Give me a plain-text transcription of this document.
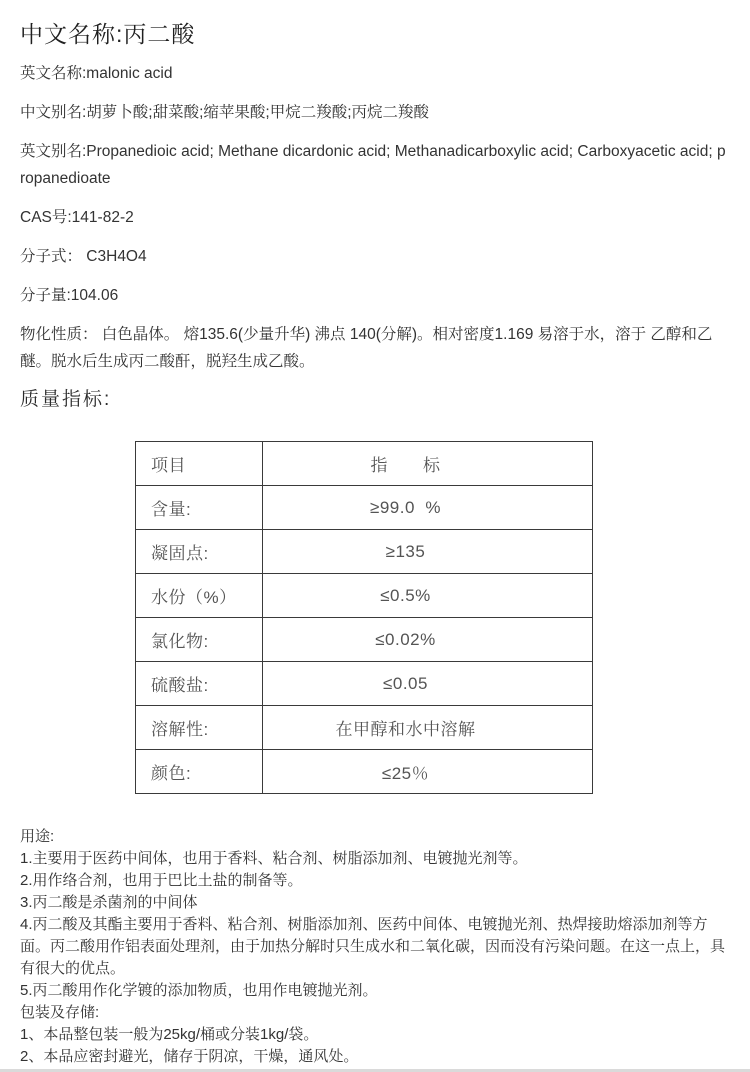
中文名称:丙二酸

英文名称:malonic acid

中文别名:胡萝卜酸;甜菜酸;缩苹果酸;甲烷二羧酸;丙烷二羧酸

英文别名:Propanedioic acid; Methane dicardonic acid; Methanadicarboxylic acid; Carboxyacetic acid; propanedioate

CAS号:141-82-2

分子式： C3H4O4

分子量:104.06

物化性质： 白色晶体。 熔135.6(少量升华) 沸点 140(分解)。相对密度1.169 易溶于水，溶于 乙醇和乙醚。脱水后生成丙二酸酐，脱羟生成乙酸。

质量指标:
项目	指　　标
含量:	≥99.0  %
凝固点:	≥135
水份（%）	≤0.5%
氯化物:	≤0.02%
硫酸盐:	≤0.05
溶解性:	在甲醇和水中溶解
颜色:	≤25％

用途:

1.主要用于医药中间体，也用于香料、粘合剂、树脂添加剂、电镀抛光剂等。

2.用作络合剂，也用于巴比土盐的制备等。

3.丙二酸是杀菌剂的中间体

4.丙二酸及其酯主要用于香料、粘合剂、树脂添加剂、医药中间体、电镀抛光剂、热焊接助熔添加剂等方面。丙二酸用作铝表面处理剂，由于加热分解时只生成水和二氧化碳，因而没有污染问题。在这一点上，具有很大的优点。

5.丙二酸用作化学镀的添加物质，也用作电镀抛光剂。

包装及存储:

1、本品整包装一般为25kg/桶或分装1kg/袋。

2、本品应密封避光，储存于阴凉，干燥，通风处。
